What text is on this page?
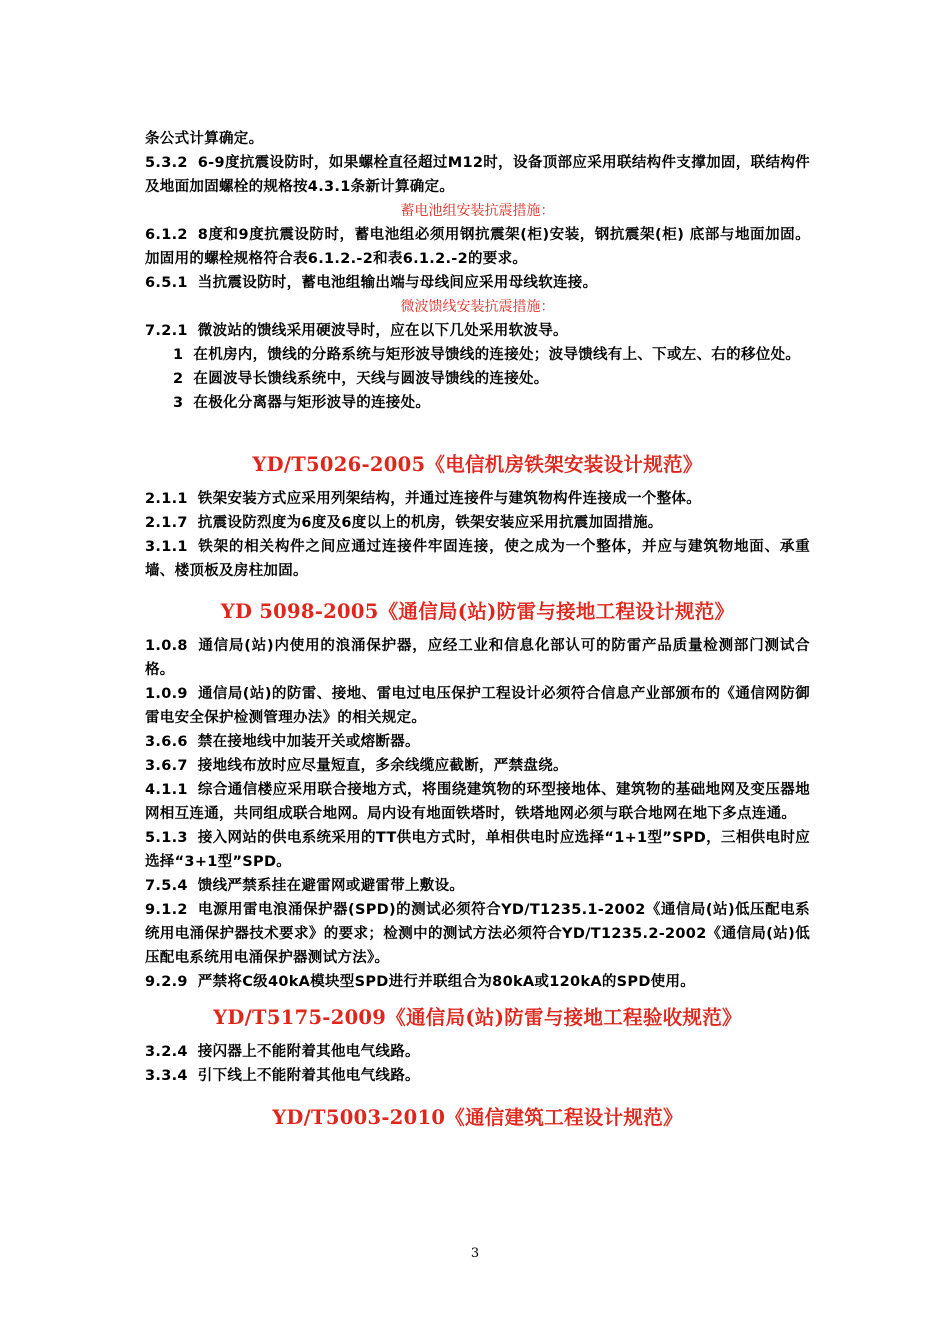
条公式计算确定。

5.3.2 6-9度抗震设防时，如果螺栓直径超过M12时，设备顶部应采用联结构件支撑加固，联结构件及地面加固螺栓的规格按4.3.1条新计算确定。

蓄电池组安装抗震措施：

6.1.2 8度和9度抗震设防时，蓄电池组必须用钢抗震架(柜)安装，钢抗震架(柜) 底部与地面加固。加固用的螺栓规格符合表6.1.2.-2和表6.1.2.-2的要求。

6.5.1 当抗震设防时，蓄电池组输出端与母线间应采用母线软连接。

微波馈线安装抗震措施：

7.2.1 微波站的馈线采用硬波导时，应在以下几处采用软波导。

1 在机房内，馈线的分路系统与矩形波导馈线的连接处；波导馈线有上、下或左、右的移位处。

2 在圆波导长馈线系统中，天线与圆波导馈线的连接处。

3 在极化分离器与矩形波导的连接处。

YD/T5026-2005《电信机房铁架安装设计规范》

2.1.1 铁架安装方式应采用列架结构，并通过连接件与建筑物构件连接成一个整体。

2.1.7 抗震设防烈度为6度及6度以上的机房，铁架安装应采用抗震加固措施。

3.1.1 铁架的相关构件之间应通过连接件牢固连接，使之成为一个整体，并应与建筑物地面、承重墙、楼顶板及房柱加固。

YD 5098-2005《通信局(站)防雷与接地工程设计规范》

1.0.8 通信局(站)内使用的浪涌保护器，应经工业和信息化部认可的防雷产品质量检测部门测试合格。

1.0.9 通信局(站)的防雷、接地、雷电过电压保护工程设计必须符合信息产业部颁布的《通信网防御雷电安全保护检测管理办法》的相关规定。

3.6.6 禁在接地线中加装开关或熔断器。

3.6.7 接地线布放时应尽量短直，多余线缆应截断，严禁盘绕。

4.1.1 综合通信楼应采用联合接地方式，将围绕建筑物的环型接地体、建筑物的基础地网及变压器地网相互连通，共同组成联合地网。局内设有地面铁塔时，铁塔地网必须与联合地网在地下多点连通。

5.1.3 接入网站的供电系统采用的TT供电方式时，单相供电时应选择“1+1型”SPD，三相供电时应选择“3+1型”SPD。

7.5.4 馈线严禁系挂在避雷网或避雷带上敷设。

9.1.2 电源用雷电浪涌保护器(SPD)的测试必须符合YD/T1235.1-2002《通信局(站)低压配电系统用电涌保护器技术要求》的要求；检测中的测试方法必须符合YD/T1235.2-2002《通信局(站)低压配电系统用电涌保护器测试方法》。

9.2.9 严禁将C级40kA模块型SPD进行并联组合为80kA或120kA的SPD使用。

YD/T5175-2009《通信局(站)防雷与接地工程验收规范》

3.2.4 接闪器上不能附着其他电气线路。

3.3.4 引下线上不能附着其他电气线路。

YD/T5003-2010《通信建筑工程设计规范》

3
